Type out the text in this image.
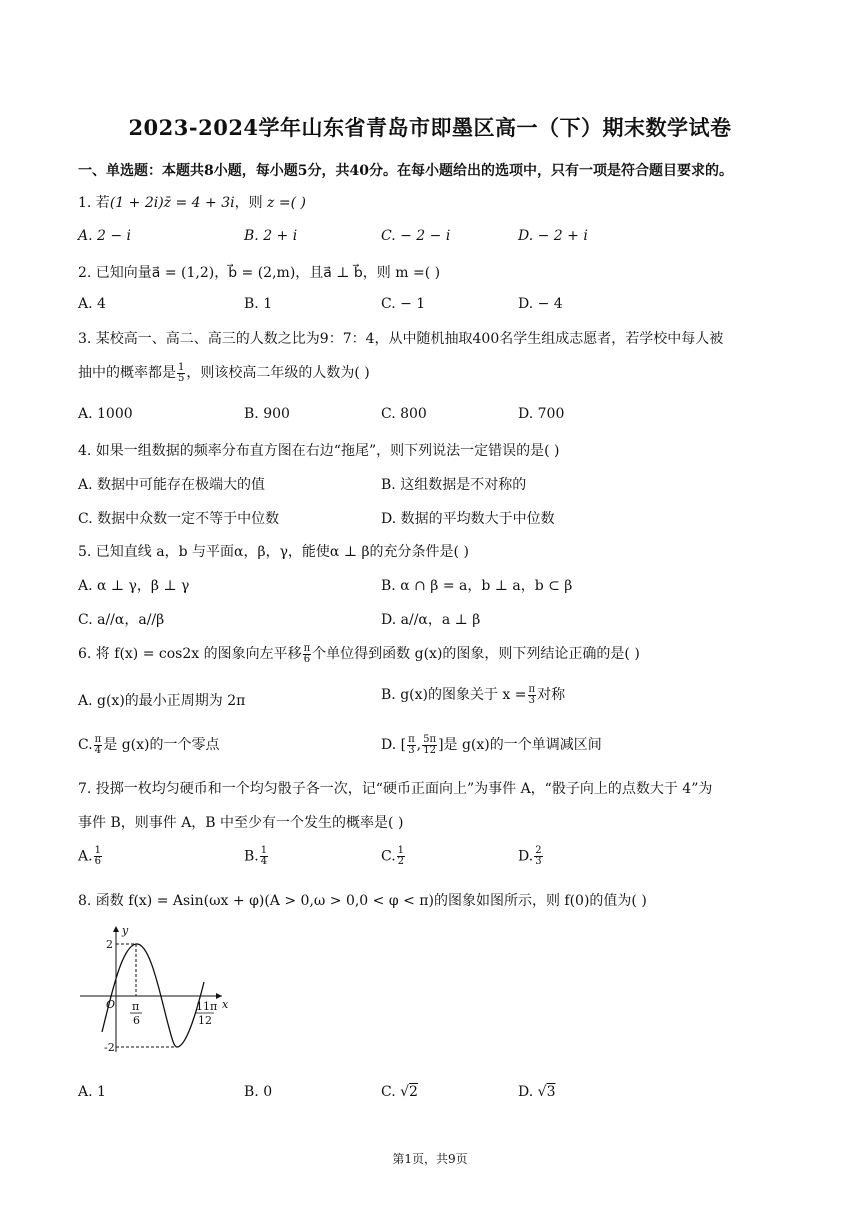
2023-2024学年山东省青岛市即墨区高一（下）期末数学试卷
一、单选题：本题共8小题，每小题5分，共40分。在每小题给出的选项中，只有一项是符合题目要求的。
1. 若(1 + 2i)z̄ = 4 + 3i，则 z =( )
A. 2 − i	B. 2 + i	C. − 2 − i	D. − 2 + i
2. 已知向量a⃗ = (1,2)，b⃗ = (2,m)，且a⃗ ⊥ b⃗，则 m =( )
A. 4	B. 1	C. − 1	D. − 4
3. 某校高一、高二、高三的人数之比为9：7：4，从中随机抽取400名学生组成志愿者，若学校中每人被
抽中的概率都是 $\frac{1}{5}$ ，则该校高二年级的人数为( )
A. 1000	B. 900	C. 800	D. 700
4. 如果一组数据的频率分布直方图在右边“拖尾”，则下列说法一定错误的是( )
A. 数据中可能存在极端大的值	B. 这组数据是不对称的
C. 数据中众数一定不等于中位数	D. 数据的平均数大于中位数
5. 已知直线 a，b 与平面α，β，γ，能使α ⊥ β的充分条件是( )
A. α ⊥ γ，β ⊥ γ	B. α ∩ β = a，b ⊥ a，b ⊂ β
C. a//α，a//β	D. a//α，a ⊥ β
6. 将 f(x) = cos2x 的图象向左平移 $\frac{\pi}{6}$ 个单位得到函数 g(x)的图象，则下列结论正确的是( )
A. g(x)的最小正周期为 2π	B. g(x)的图象关于 $x = \frac{\pi}{3}$ 对称
C. $\frac{\pi}{4}$ 是 g(x)的一个零点	D. [ $\frac{\pi}{3}$ , $\frac{5\pi}{12}$ ]是 g(x)的一个单调减区间
7. 投掷一枚均匀硬币和一个均匀骰子各一次，记“硬币正面向上”为事件 A，“骰子向上的点数大于 4”为
事件 B，则事件 A，B 中至少有一个发生的概率是( )
A. $\frac{1}{6}$	B. $\frac{1}{4}$	C. $\frac{1}{2}$	D. $\frac{2}{3}$
8. 函数 f(x) = Asin(ωx + φ)(A > 0,ω > 0,0 < φ < π)的图象如图所示，则 f(0)的值为( )
y
x
O
2
-2
π
6
11π
12
A. 1	B. 0	C. √2	D. √3
第1页，共9页
